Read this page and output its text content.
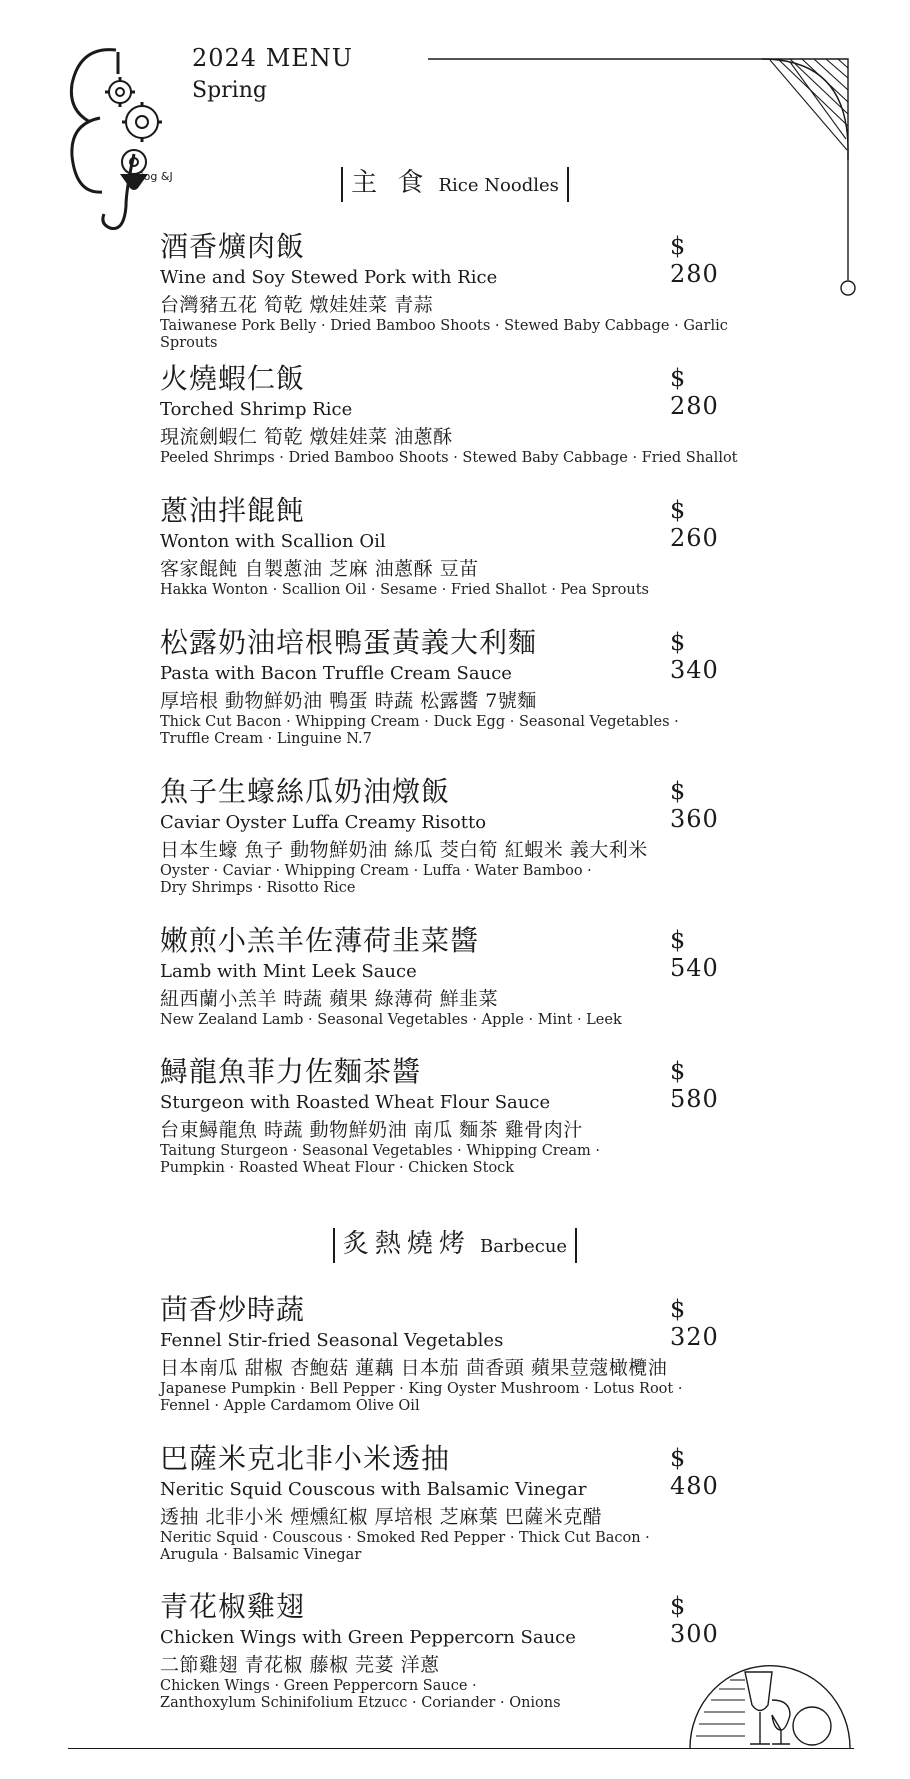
Cog &J
2024 MENU
Spring
主 食 Rice Noodles
酒香爌肉飯	$ 280
Wine and Soy Stewed Pork with Rice
台灣豬五花 筍乾 燉娃娃菜 青蒜
Taiwanese Pork Belly · Dried Bamboo Shoots · Stewed Baby Cabbage · Garlic Sprouts
火燒蝦仁飯	$ 280
Torched Shrimp Rice
現流劍蝦仁 筍乾 燉娃娃菜 油蔥酥
Peeled Shrimps · Dried Bamboo Shoots · Stewed Baby Cabbage · Fried Shallot
蔥油拌餛飩	$ 260
Wonton with Scallion Oil
客家餛飩 自製蔥油 芝麻 油蔥酥 豆苗
Hakka Wonton · Scallion Oil · Sesame · Fried Shallot · Pea Sprouts
松露奶油培根鴨蛋黃義大利麵	$ 340
Pasta with Bacon Truffle Cream Sauce
厚培根 動物鮮奶油 鴨蛋 時蔬 松露醬 7號麵
Thick Cut Bacon · Whipping Cream · Duck Egg · Seasonal Vegetables ·
Truffle Cream · Linguine N.7
魚子生蠔絲瓜奶油燉飯	$ 360
Caviar Oyster Luffa Creamy Risotto
日本生蠔 魚子 動物鮮奶油 絲瓜 茭白筍 紅蝦米 義大利米
Oyster · Caviar · Whipping Cream · Luffa · Water Bamboo ·
Dry Shrimps · Risotto Rice
嫩煎小羔羊佐薄荷韭菜醬	$ 540
Lamb with Mint Leek Sauce
紐西蘭小羔羊 時蔬 蘋果 綠薄荷 鮮韭菜
New Zealand Lamb · Seasonal Vegetables · Apple · Mint · Leek
鱘龍魚菲力佐麵茶醬	$ 580
Sturgeon with Roasted Wheat Flour Sauce
台東鱘龍魚 時蔬 動物鮮奶油 南瓜 麵茶 雞骨肉汁
Taitung Sturgeon · Seasonal Vegetables · Whipping Cream ·
Pumpkin · Roasted Wheat Flour · Chicken Stock
炙熱燒烤 Barbecue
茴香炒時蔬	$ 320
Fennel Stir-fried Seasonal Vegetables
日本南瓜 甜椒 杏鮑菇 蓮藕 日本茄 茴香頭 蘋果荳蔻橄欖油
Japanese Pumpkin · Bell Pepper · King Oyster Mushroom · Lotus Root ·
Fennel · Apple Cardamom Olive Oil
巴薩米克北非小米透抽	$ 480
Neritic Squid Couscous with Balsamic Vinegar
透抽 北非小米 煙燻紅椒 厚培根 芝麻葉 巴薩米克醋
Neritic Squid · Couscous · Smoked Red Pepper · Thick Cut Bacon ·
Arugula · Balsamic Vinegar
青花椒雞翅	$ 300
Chicken Wings with Green Peppercorn Sauce
二節雞翅 青花椒 藤椒 芫荽 洋蔥
Chicken Wings · Green Peppercorn Sauce ·
Zanthoxylum Schinifolium Etzucc · Coriander · Onions
